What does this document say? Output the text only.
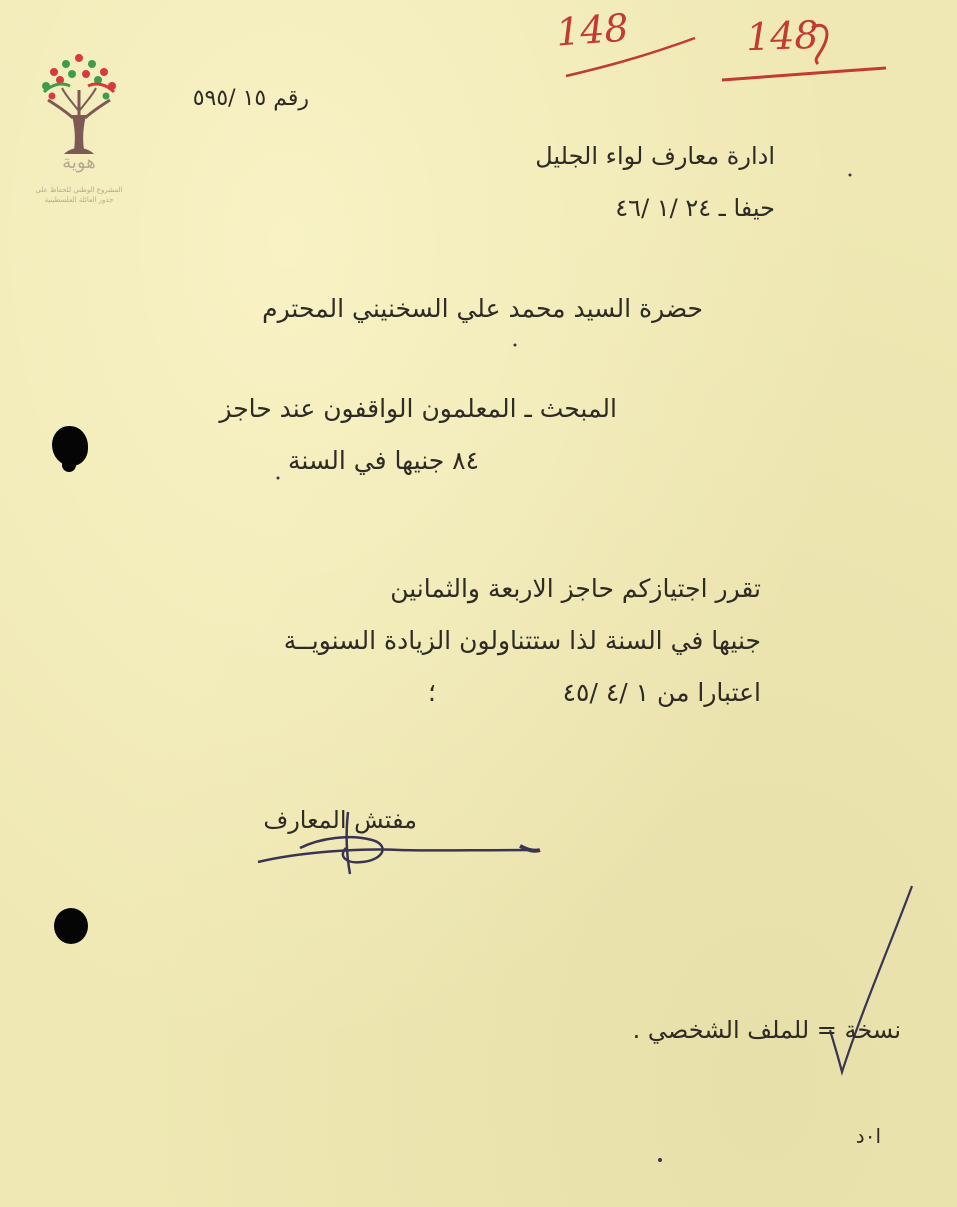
هوية
المشروع الوطني للحفاظ على
جذور العائلة الفلسطينية
148	148
رقم ١٥ /٥٩٥
ادارة معارف لواء الجليل
حيفا ـ ٢٤ /١ /٤٦
حضرة السيد محمد علي السخنيني المحترم
المبحث ـ المعلمون الواقفون عند حاجز
٨٤ جنيها في السنة
تقرر اجتيازكم حاجز الاربعة والثمانين
جنيها في السنة لذا ستتناولون الزيادة السنويــة
اعتبارا من ١ /٤ /٤٥
؛
مفتش المعارف
نسخة = للملف الشخصي .
ا٠د
